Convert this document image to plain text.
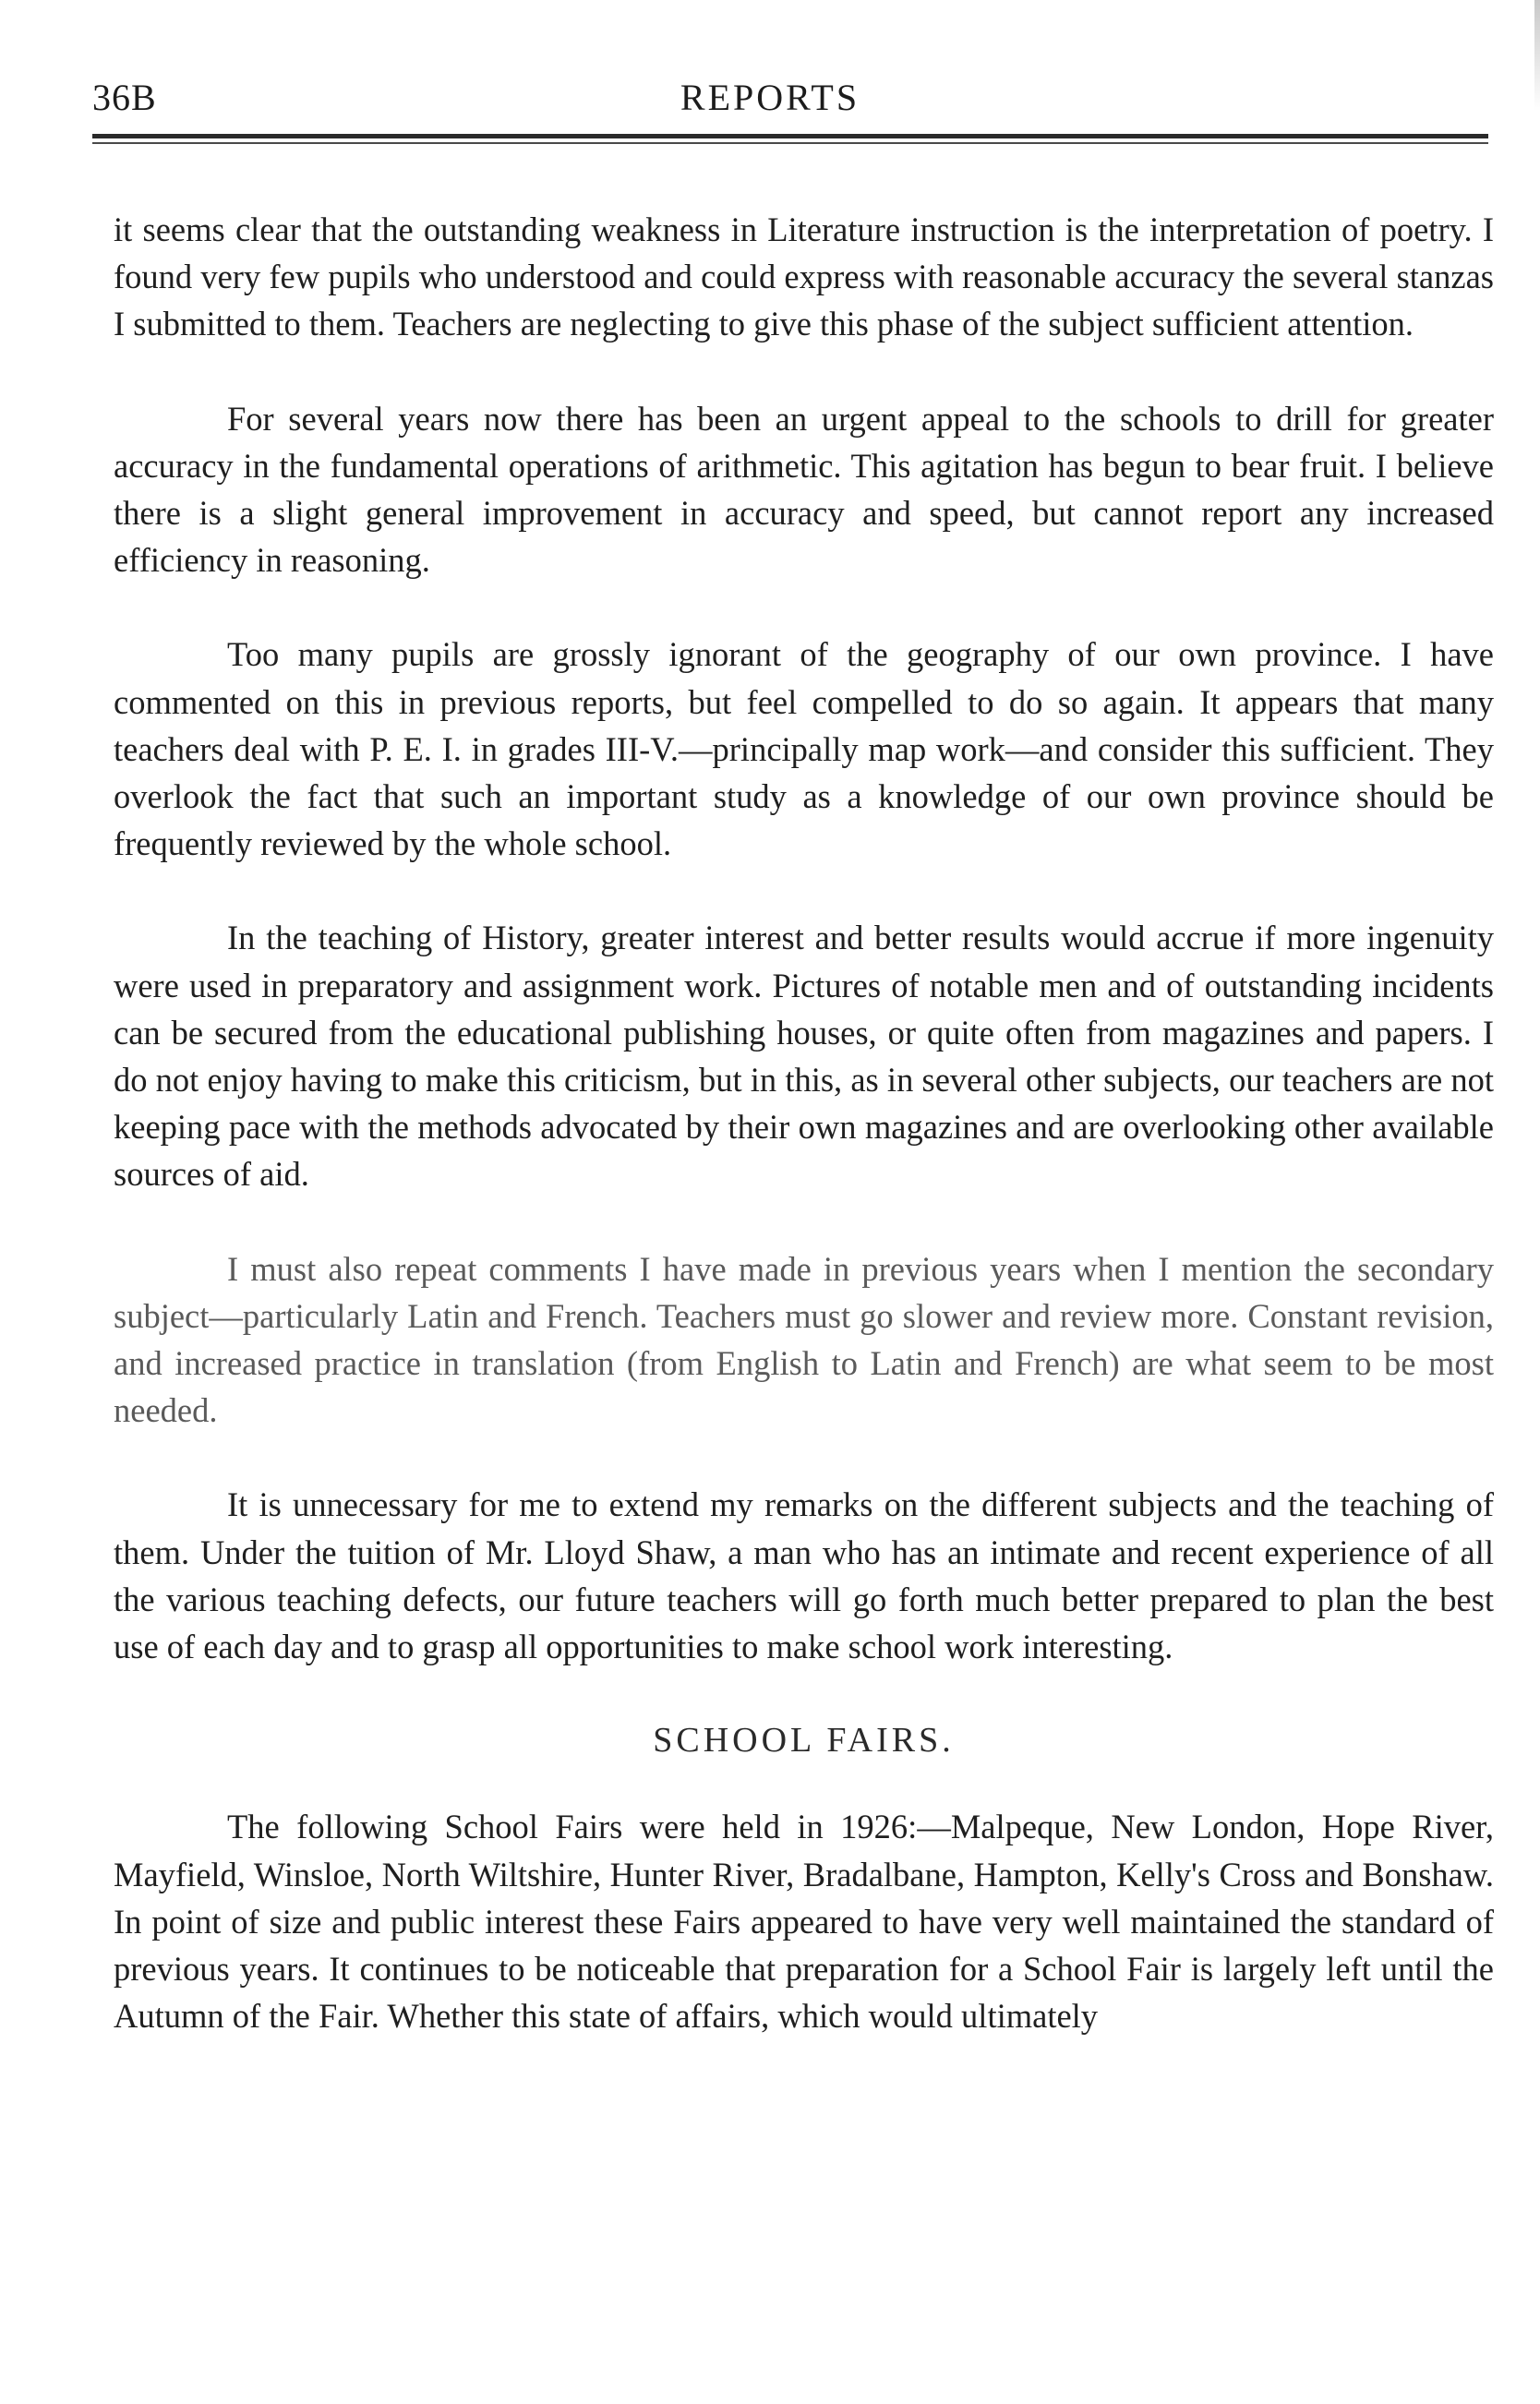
36B	REPORTS

it seems clear that the outstanding weakness in Literature instruction is the interpretation of poetry. I found very few pupils who understood and could express with reasonable accuracy the several stanzas I submitted to them. Teachers are neglecting to give this phase of the subject sufficient attention.

For several years now there has been an urgent appeal to the schools to drill for greater accuracy in the fundamental operations of arithmetic. This agitation has begun to bear fruit. I believe there is a slight general improvement in accuracy and speed, but cannot report any increased efficiency in reasoning.

Too many pupils are grossly ignorant of the geography of our own province. I have commented on this in previous reports, but feel compelled to do so again. It appears that many teachers deal with P. E. I. in grades III-V.—principally map work—and consider this sufficient. They overlook the fact that such an important study as a knowledge of our own province should be frequently reviewed by the whole school.

In the teaching of History, greater interest and better results would accrue if more ingenuity were used in preparatory and assignment work. Pictures of notable men and of outstanding incidents can be secured from the educational publishing houses, or quite often from magazines and papers. I do not enjoy having to make this criticism, but in this, as in several other subjects, our teachers are not keeping pace with the methods advocated by their own magazines and are overlooking other available sources of aid.

I must also repeat comments I have made in previous years when I mention the secondary subject—particularly Latin and French. Teachers must go slower and review more. Constant revision, and increased practice in translation (from English to Latin and French) are what seem to be most needed.

It is unnecessary for me to extend my remarks on the different subjects and the teaching of them. Under the tuition of Mr. Lloyd Shaw, a man who has an intimate and recent experience of all the various teaching defects, our future teachers will go forth much better prepared to plan the best use of each day and to grasp all opportunities to make school work interesting.

SCHOOL FAIRS.

The following School Fairs were held in 1926:—Malpeque, New London, Hope River, Mayfield, Winsloe, North Wiltshire, Hunter River, Bradalbane, Hampton, Kelly's Cross and Bonshaw. In point of size and public interest these Fairs appeared to have very well maintained the standard of previous years. It continues to be noticeable that preparation for a School Fair is largely left until the Autumn of the Fair. Whether this state of affairs, which would ultimately
